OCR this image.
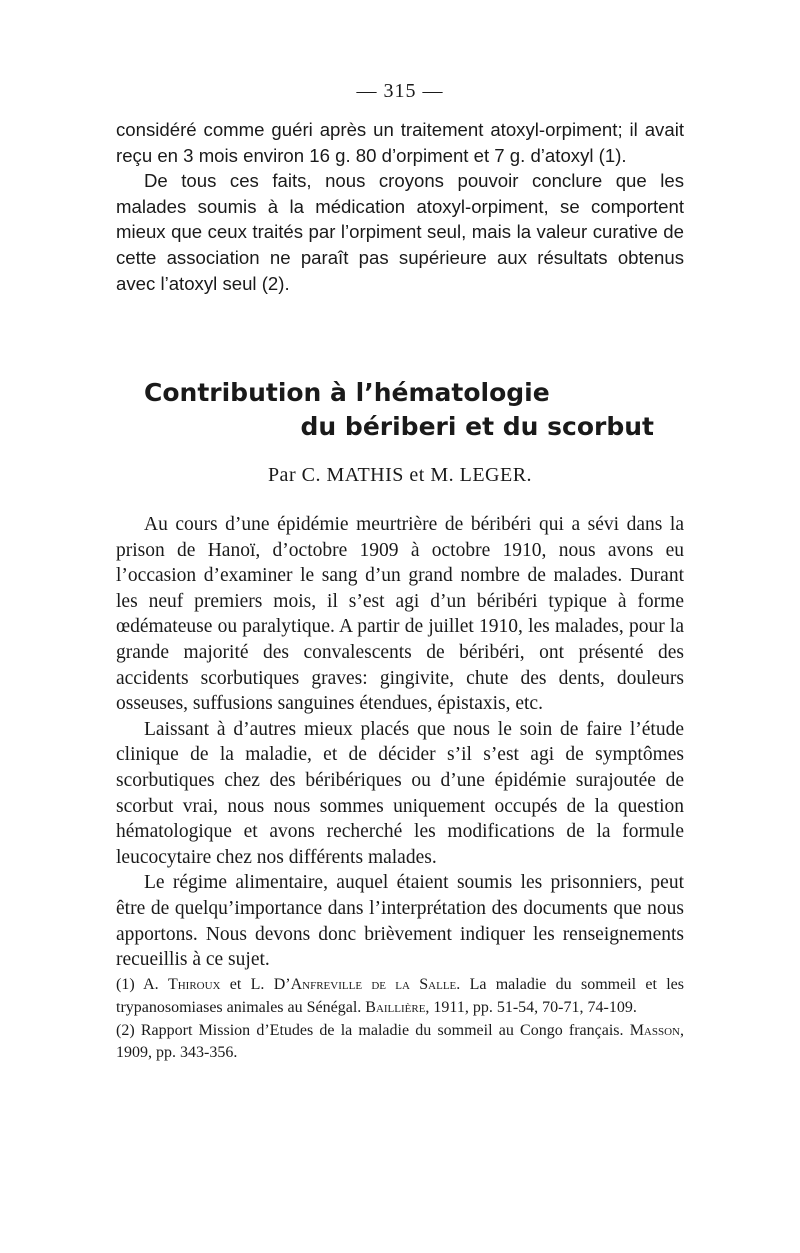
— 315 —

considéré comme guéri après un traitement atoxyl-orpiment; il avait reçu en 3 mois environ 16 g. 80 d’orpiment et 7 g. d’atoxyl (1).

De tous ces faits, nous croyons pouvoir conclure que les malades soumis à la médication atoxyl-orpiment, se comportent mieux que ceux traités par l’orpiment seul, mais la valeur curative de cette association ne paraît pas supérieure aux résultats obtenus avec l’atoxyl seul (2).

Contribution à l’hématologie
du bériberi et du scorbut
Par C. MATHIS et M. LEGER.

Au cours d’une épidémie meurtrière de béribéri qui a sévi dans la prison de Hanoï, d’octobre 1909 à octobre 1910, nous avons eu l’occasion d’examiner le sang d’un grand nombre de malades. Durant les neuf premiers mois, il s’est agi d’un béribéri typique à forme œdémateuse ou paralytique. A partir de juillet 1910, les malades, pour la grande majorité des convalescents de béribéri, ont présenté des accidents scorbutiques graves: gingivite, chute des dents, douleurs osseuses, suffusions sanguines étendues, épistaxis, etc.

Laissant à d’autres mieux placés que nous le soin de faire l’étude clinique de la maladie, et de décider s’il s’est agi de symptômes scorbutiques chez des béribériques ou d’une épidémie surajoutée de scorbut vrai, nous nous sommes uniquement occupés de la question hématologique et avons recherché les modifications de la formule leucocytaire chez nos différents malades.

Le régime alimentaire, auquel étaient soumis les prisonniers, peut être de quelqu’importance dans l’interprétation des documents que nous apportons. Nous devons donc brièvement indiquer les renseignements recueillis à ce sujet.

(1) A. Thiroux et L. D’Anfreville de la Salle. La maladie du sommeil et les trypanosomiases animales au Sénégal. Baillière, 1911, pp. 51-54, 70-71, 74-109.

(2) Rapport Mission d’Etudes de la maladie du sommeil au Congo français. Masson, 1909, pp. 343-356.
